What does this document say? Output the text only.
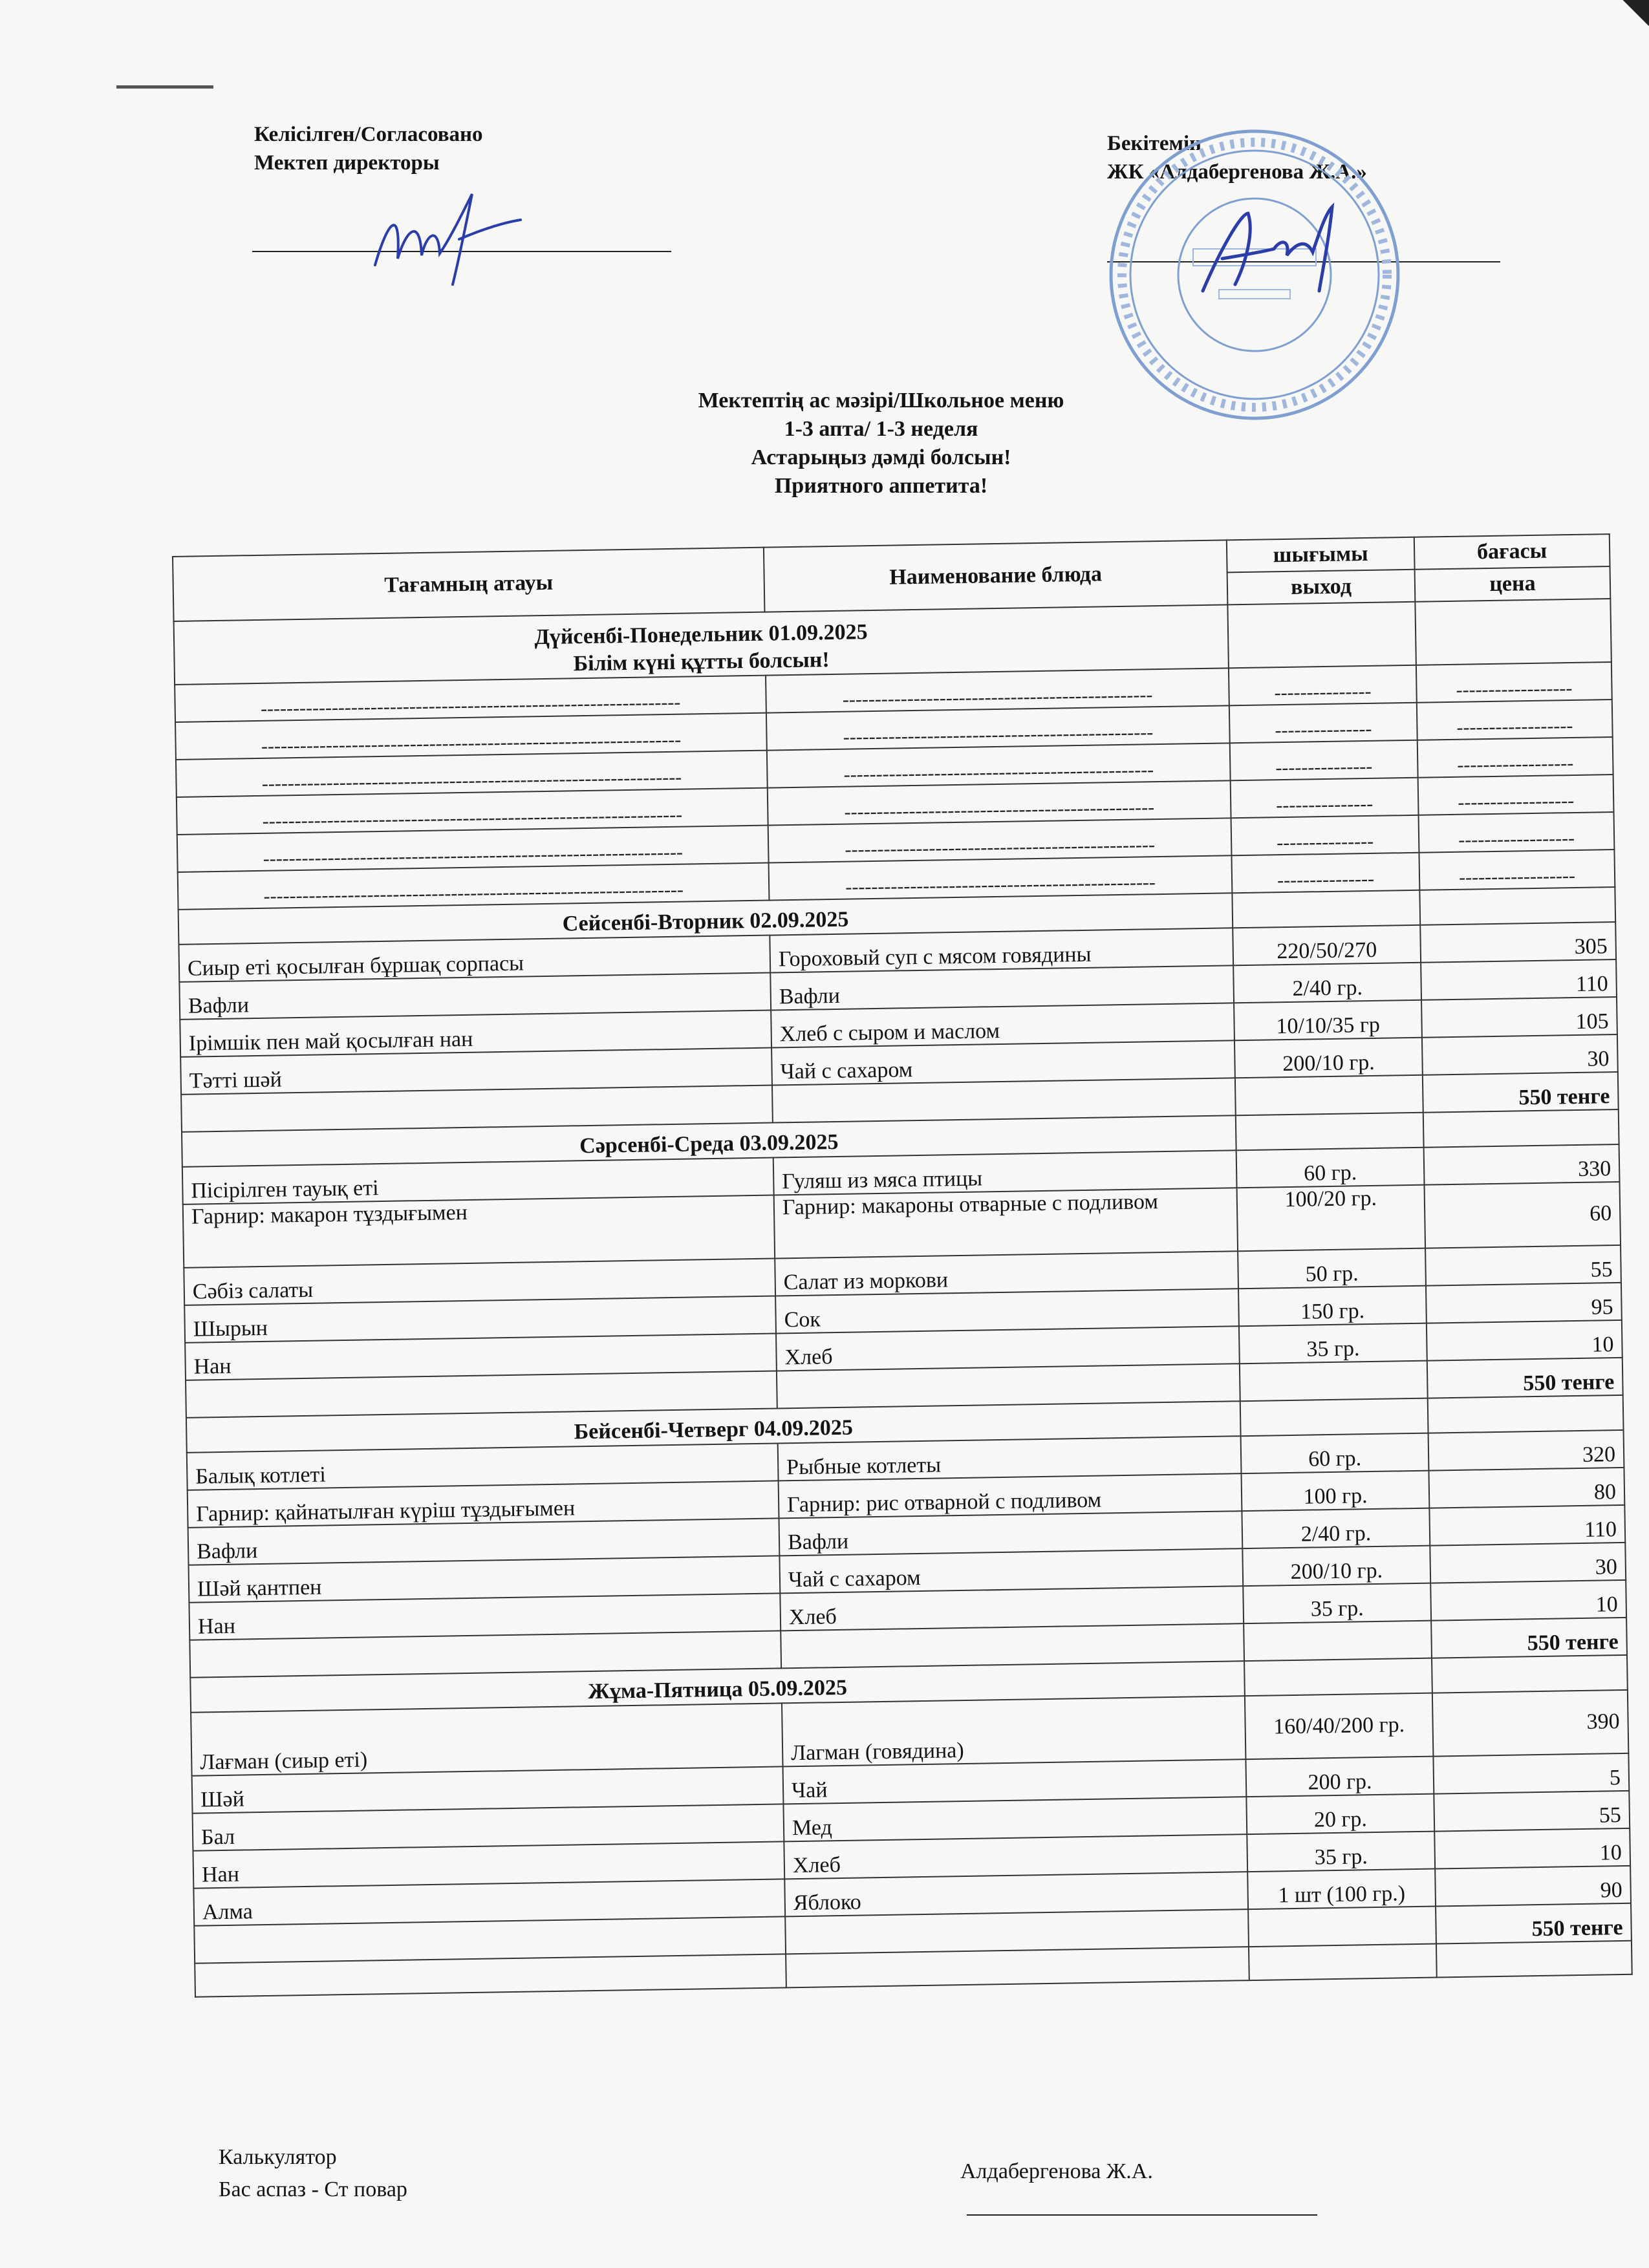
Келісілген/Согласовано
Мектеп директоры
Бекітемін
ЖК «Алдабергенова Ж.А.»
Мектептің ас мәзірі/Школьное меню
1-3 апта/ 1-3 неделя
Астарыңыз дәмді болсын!
Приятного аппетита!
Тағамның атауы	Наименование блюда	шығымы	бағасы
		выход	цена

Дүйсенбі-Понедельник 01.09.2025
Білім күні құтты болсын!			

-----------------------------------------------------------------	------------------------------------------------	---------------	------------------
-----------------------------------------------------------------	------------------------------------------------	---------------	------------------
-----------------------------------------------------------------	------------------------------------------------	---------------	------------------
-----------------------------------------------------------------	------------------------------------------------	---------------	------------------
-----------------------------------------------------------------	------------------------------------------------	---------------	------------------
-----------------------------------------------------------------	------------------------------------------------	---------------	------------------
Сейсенбі-Вторник 02.09.2025			
Сиыр еті қосылған бұршақ сорпасы	Гороховый суп с мясом говядины	220/50/270	305
Вафли	Вафли	2/40 гр.	110
Ірімшік пен май қосылған нан	Хлеб с сыром и маслом	10/10/35 гр	105
Тәтті шәй	Чай с сахаром	200/10 гр.	30
			550 тенге
Сәрсенбі-Среда 03.09.2025			
Пісірілген тауық еті	Гуляш из мяса птицы	60 гр.	330
Гарнир: макарон тұздығымен	Гарнир: макароны отварные с подливом	100/20 гр.	60
Сәбіз салаты	Салат из моркови	50 гр.	55
Шырын	Сок	150 гр.	95
Нан	Хлеб	35 гр.	10
			550 тенге
Бейсенбі-Четверг 04.09.2025			
Балық котлеті	Рыбные котлеты	60 гр.	320
Гарнир: қайнатылған күріш тұздығымен	Гарнир: рис отварной с подливом	100 гр.	80
Вафли	Вафли	2/40 гр.	110
Шәй қантпен	Чай с сахаром	200/10 гр.	30
Нан	Хлеб	35 гр.	10
			550 тенге
Жұма-Пятница 05.09.2025			
Лағман (сиыр еті)	Лагман (говядина)	160/40/200 гр.	390
Шәй	Чай	200 гр.	5
Бал	Мед	20 гр.	55
Нан	Хлеб	35 гр.	10
Алма	Яблоко	1 шт (100 гр.)	90
			550 тенге

Калькулятор
Бас аспаз - Ст повар
Алдабергенова Ж.А.
